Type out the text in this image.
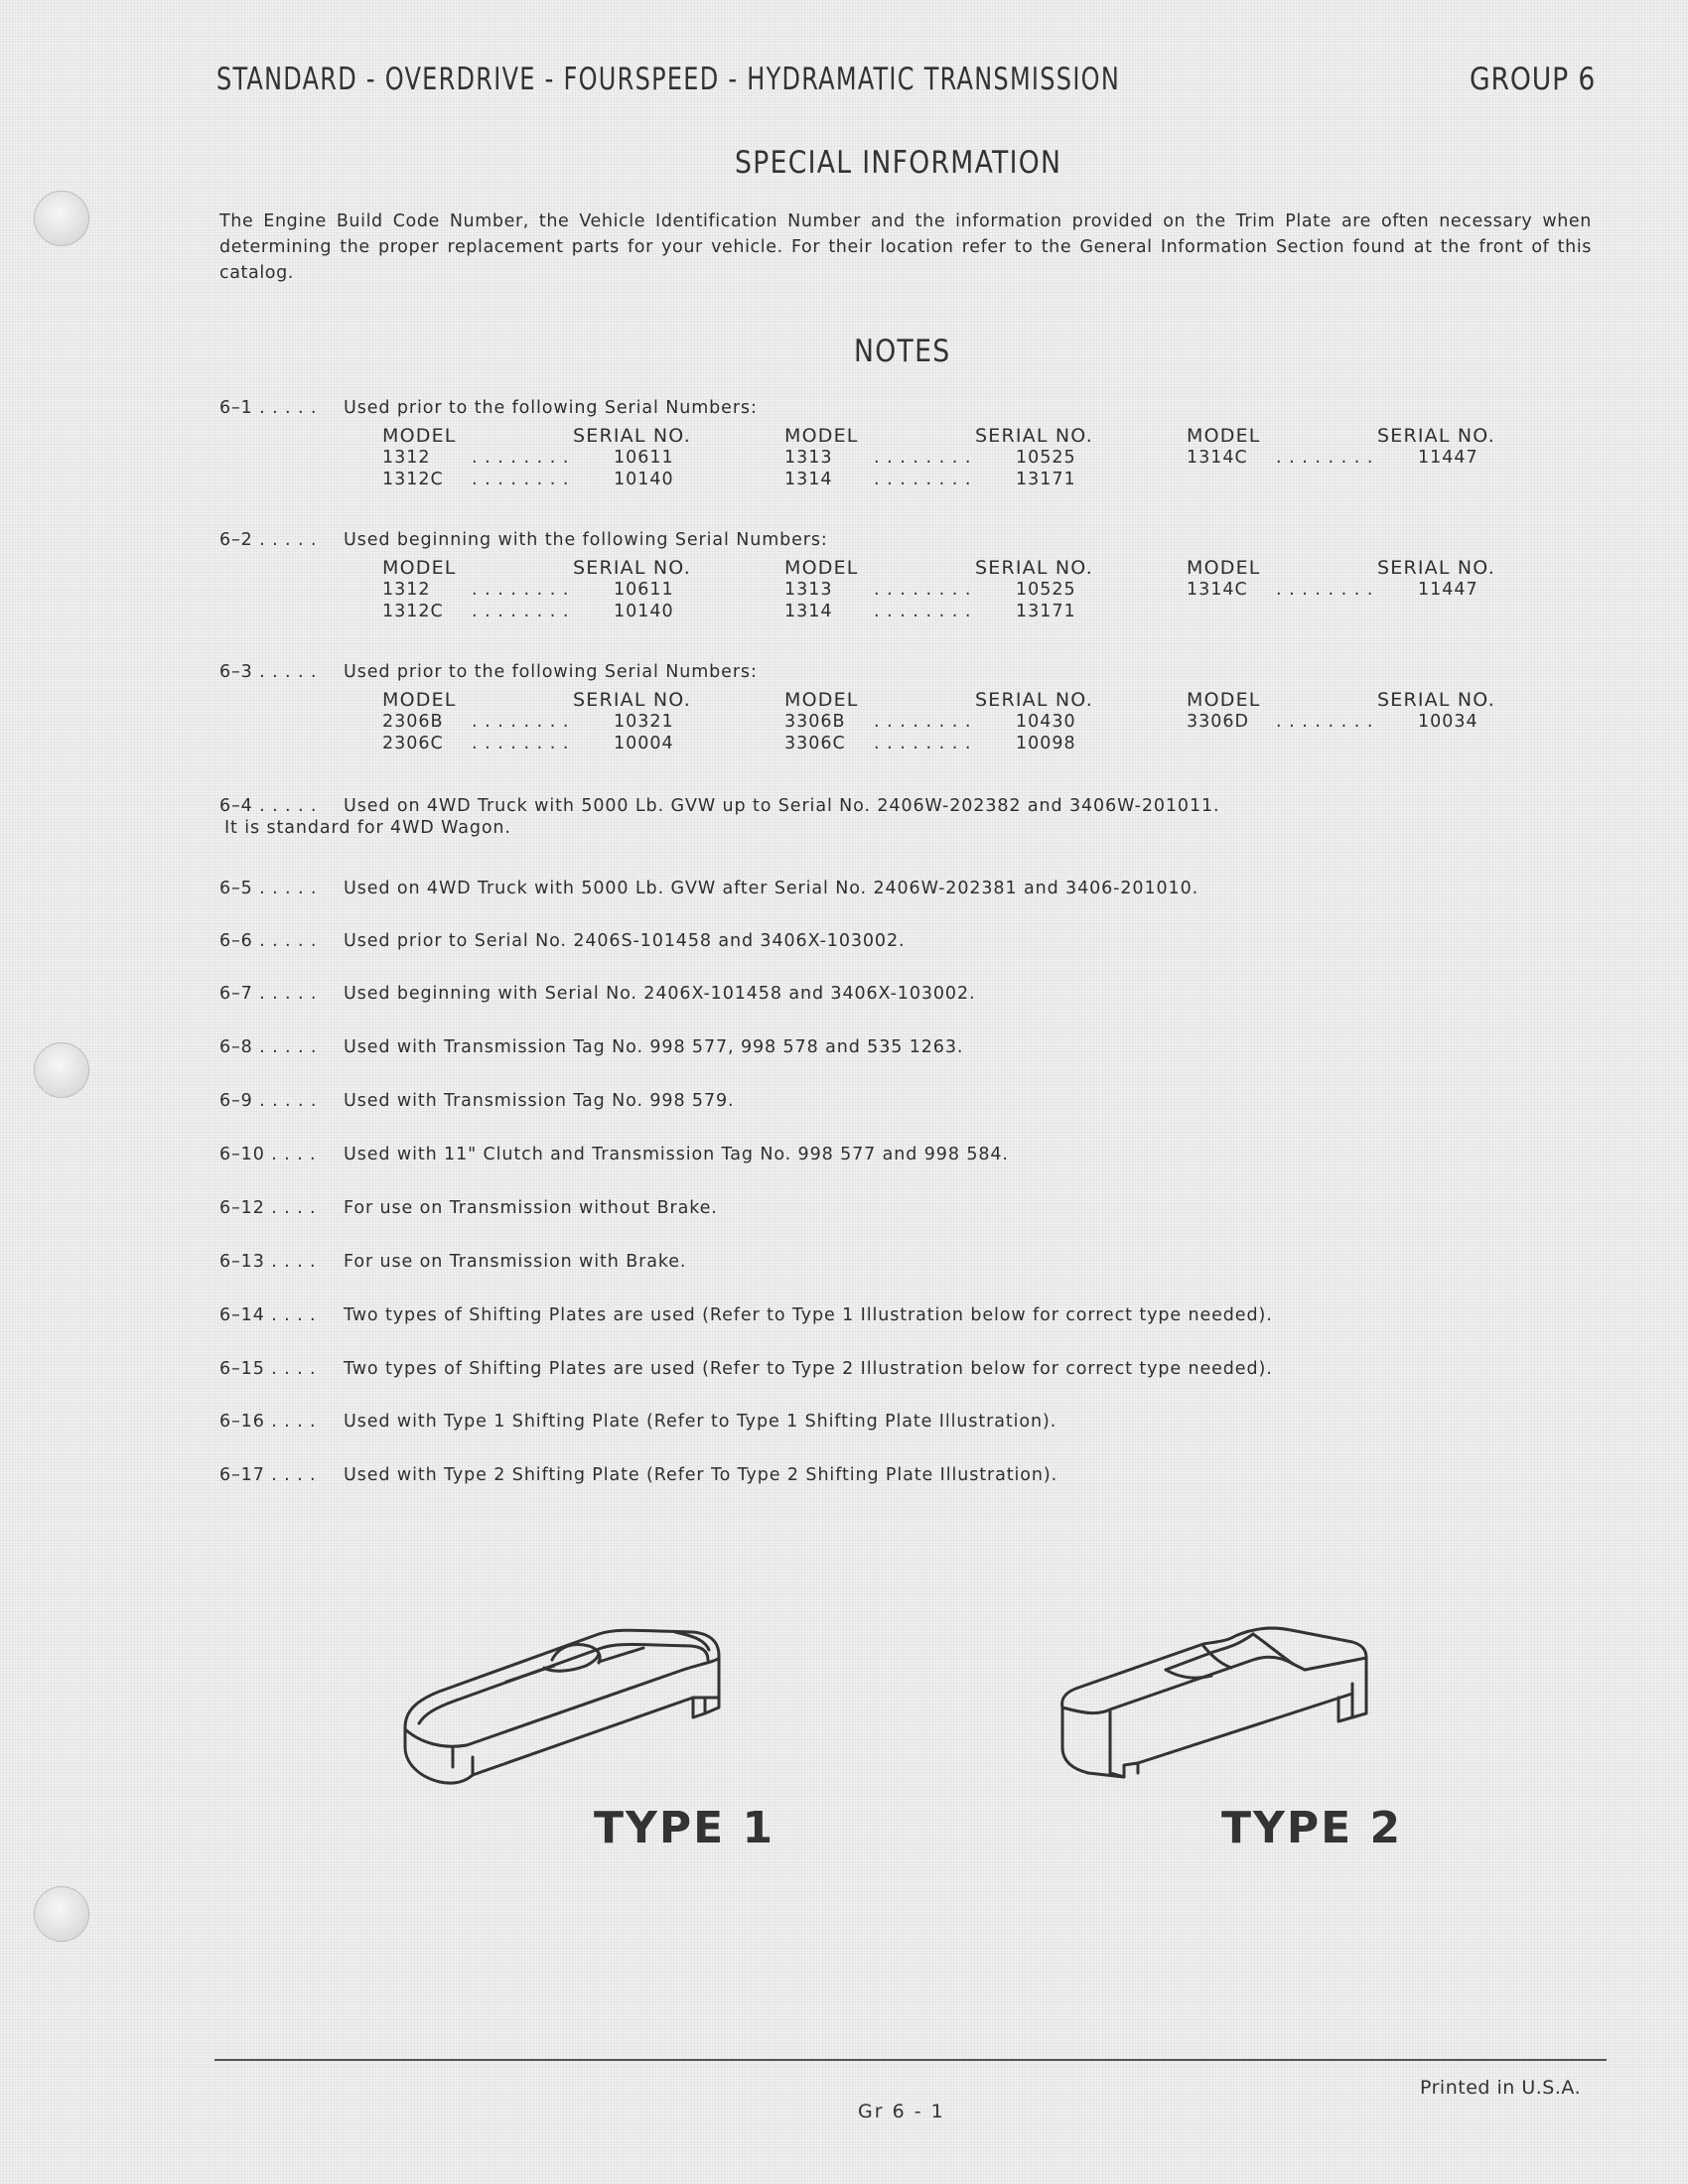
STANDARD - OVERDRIVE - FOURSPEED - HYDRAMATIC TRANSMISSION	GROUP 6
SPECIAL INFORMATION
The Engine Build Code Number, the Vehicle Identification Number and the information provided on the Trim Plate are often necessary when determining the proper replacement parts for your vehicle. For their location refer to the General Information Section found at the front of this catalog.
NOTES
6–1 . . . . . Used prior to the following Serial Numbers:
MODEL	SERIAL NO.	MODEL	SERIAL NO.	MODEL	SERIAL NO.
1312 . . . . . . . .	10611	1313 . . . . . . . .	10525	1314C . . . . . . . .	11447
1312C . . . . . . . .	10140	1314 . . . . . . . .	13171
6–2 . . . . . Used beginning with the following Serial Numbers:
MODEL	SERIAL NO.	MODEL	SERIAL NO.	MODEL	SERIAL NO.
1312 . . . . . . . .	10611	1313 . . . . . . . .	10525	1314C . . . . . . . .	11447
1312C . . . . . . . .	10140	1314 . . . . . . . .	13171
6–3 . . . . . Used prior to the following Serial Numbers:
MODEL	SERIAL NO.	MODEL	SERIAL NO.	MODEL	SERIAL NO.
2306B . . . . . . . .	10321	3306B . . . . . . . .	10430	3306D . . . . . . . .	10034
2306C . . . . . . . .	10004	3306C . . . . . . . .	10098
6–4 . . . . . Used on 4WD Truck with 5000 Lb. GVW up to Serial No. 2406W-202382 and 3406W-201011.
It is standard for 4WD Wagon.
6–5 . . . . . Used on 4WD Truck with 5000 Lb. GVW after Serial No. 2406W-202381 and 3406-201010.
6–6 . . . . . Used prior to Serial No. 2406S-101458 and 3406X-103002.
6–7 . . . . . Used beginning with Serial No. 2406X-101458 and 3406X-103002.
6–8 . . . . . Used with Transmission Tag No. 998 577, 998 578 and 535 1263.
6–9 . . . . . Used with Transmission Tag No. 998 579.
6–10 . . . . Used with 11" Clutch and Transmission Tag No. 998 577 and 998 584.
6–12 . . . . For use on Transmission without Brake.
6–13 . . . . For use on Transmission with Brake.
6–14 . . . . Two types of Shifting Plates are used (Refer to Type 1 Illustration below for correct type needed).
6–15 . . . . Two types of Shifting Plates are used (Refer to Type 2 Illustration below for correct type needed).
6–16 . . . . Used with Type 1 Shifting Plate (Refer to Type 1 Shifting Plate Illustration).
6–17 . . . . Used with Type 2 Shifting Plate (Refer To Type 2 Shifting Plate Illustration).
TYPE 1	TYPE 2
Printed in U.S.A.
Gr 6 - 1
